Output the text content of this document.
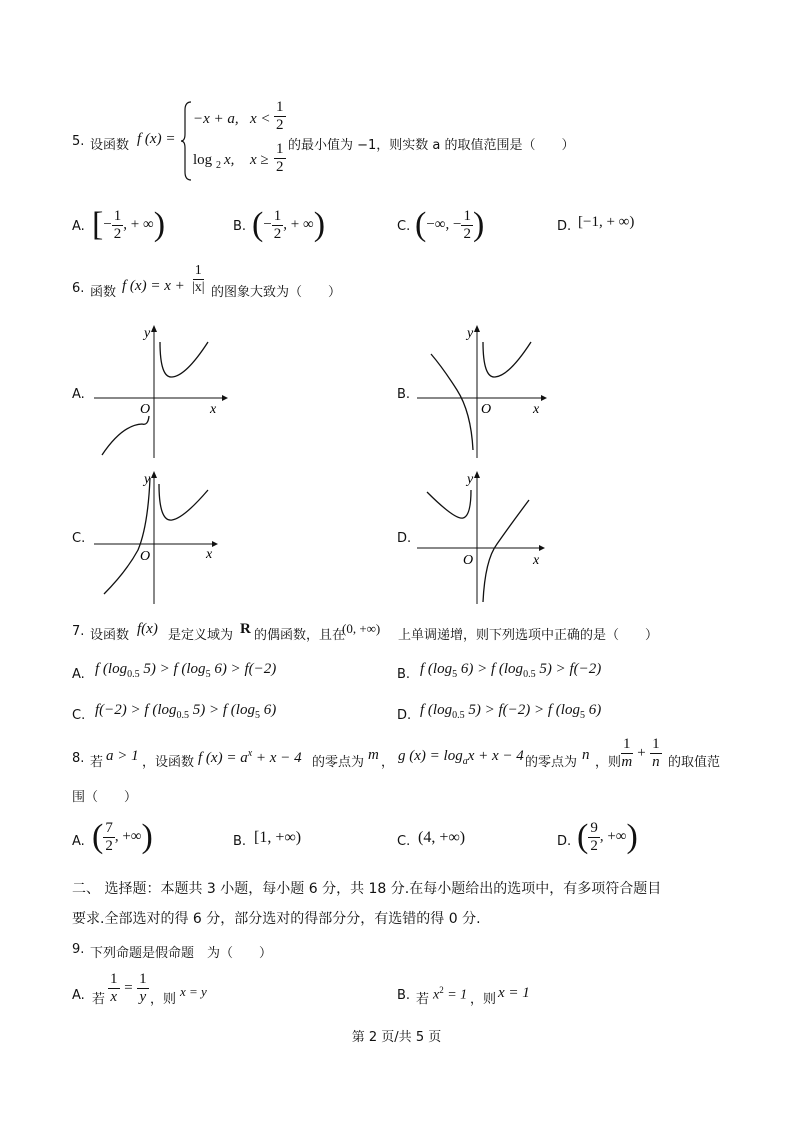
5. 设函数 f (x) =
−x + a, $x < \frac{1}{2}$
log 2 x, $x \ge \frac{1}{2}$ 的最小值为 −1，则实数 a 的取值范围是（　　）
A. [− $\frac{1}{2}$ , + ∞)	B. (− $\frac{1}{2}$ , + ∞)	C. (−∞, − $\frac{1}{2}$ )	D. [−1, + ∞)
6. 函数 f $(x) = x + \frac{1}{|x|}$ 的图象大致为（　　）
A.
y
O	x
B.
y
O	x
C.
y
O	x
D.
y
O	x
7. 设函数 f(x) 是定义域为 R 的偶函数，且在
(0, +∞) 上单调递增，则下列选项中正确的是（　　）
A. f ($\log_{0.5}$ 5) > f ($\log_5$ 6) > f(−2)	B. f ($\log_5$ 6) > f ($\log_{0.5}$ 5) > f(−2)
C. f(−2) > f ($\log_{0.5}$ 5) > f ($\log_5$ 6)	D. f ($\log_{0.5}$ 5) > f(−2) > f ($\log_5$ 6)
8. 若 a > 1 ，设函数 f $(x) = a^x + x - 4$ 的零点为 m ， g $(x) = \log_ax + x - 4$ 的零点为 n ，则 $\frac{1}{m} + \frac{1}{n}$ 的取值范
围（　　）
A. ( $\frac{7}{2}$ , +∞)	B. [1, +∞)	C. (4, +∞)	D. ( $\frac{9}{2}$ , +∞)
二、 选择题：本题共 3 小题，每小题 6 分，共 18 分.在每小题给出的选项中，有多项符合题目
要求.全部选对的得 6 分，部分选对的得部分分，有选错的得 0 分.
9. 下列命题是假命题　为（　　）
A. 若 $\frac{1}{x} = \frac{1}{y}$ ，则
x = y	B. 若 $x^2 = 1$ ，则 x = 1
第 2 页/共 5 页
